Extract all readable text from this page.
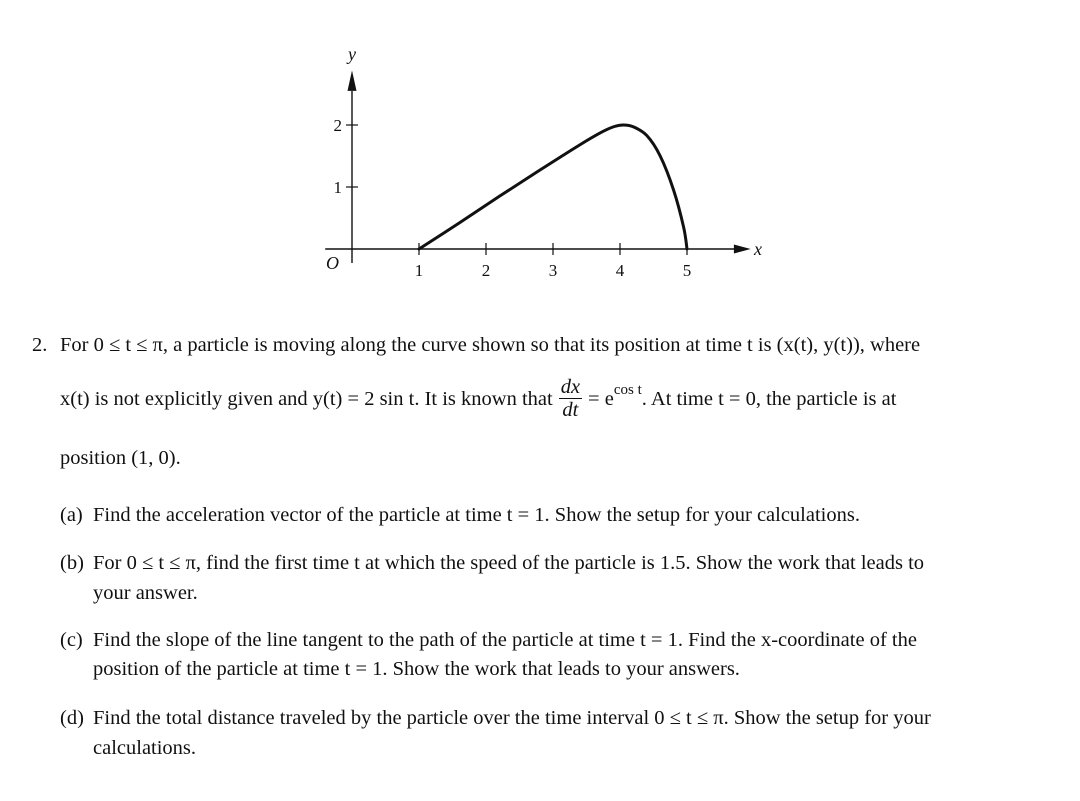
x
y
O	1	2	3	4	5
1
2
2. For 0 ≤ t ≤ π, a particle is moving along the curve shown so that its position at time t is (x(t), y(t)), where
x(t) is not explicitly given and y(t) = 2 sin t. It is known that $\frac{dx}{dt} = e^{cos t}$. At time t = 0, the particle is at
position (1, 0).
(a) Find the acceleration vector of the particle at time t = 1. Show the setup for your calculations.
(b) For 0 ≤ t ≤ π, find the first time t at which the speed of the particle is 1.5. Show the work that leads to
your answer.
(c) Find the slope of the line tangent to the path of the particle at time t = 1. Find the x-coordinate of the
position of the particle at time t = 1. Show the work that leads to your answers.
(d) Find the total distance traveled by the particle over the time interval 0 ≤ t ≤ π. Show the setup for your
calculations.
